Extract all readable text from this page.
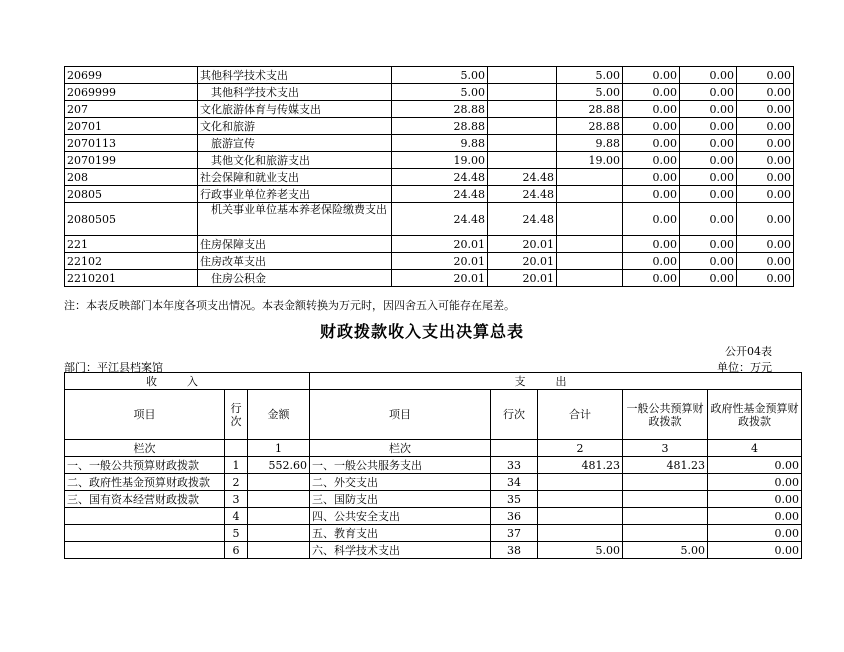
20699	其他科学技术支出	5.00		5.00	0.00	0.00	0.00
2069999	其他科学技术支出	5.00		5.00	0.00	0.00	0.00
207	文化旅游体育与传媒支出	28.88		28.88	0.00	0.00	0.00
20701	文化和旅游	28.88		28.88	0.00	0.00	0.00
2070113	旅游宣传	9.88		9.88	0.00	0.00	0.00
2070199	其他文化和旅游支出	19.00		19.00	0.00	0.00	0.00
208	社会保障和就业支出	24.48	24.48		0.00	0.00	0.00
20805	行政事业单位养老支出	24.48	24.48		0.00	0.00	0.00
2080505	机关事业单位基本养老保险缴费支出	24.48	24.48		0.00	0.00	0.00
221	住房保障支出	20.01	20.01		0.00	0.00	0.00
22102	住房改革支出	20.01	20.01		0.00	0.00	0.00
2210201	住房公积金	20.01	20.01		0.00	0.00	0.00
注：本表反映部门本年度各项支出情况。本表金额转换为万元时，因四舍五入可能存在尾差。
财政拨款收入支出决算总表
公开04表
部门：平江县档案馆	单位：万元
收入			支出				
项目	行次	金额	项目	行次	合计	一般公共预算财政拨款	政府性基金预算财政拨款
栏次		1	栏次		2	3	4
一、一般公共预算财政拨款	1	552.60	一、一般公共服务支出	33	481.23	481.23	0.00
二、政府性基金预算财政拨款	2		二、外交支出	34			0.00
三、国有资本经营财政拨款	3		三、国防支出	35			0.00
	4		四、公共安全支出	36			0.00
	5		五、教育支出	37			0.00
	6		六、科学技术支出	38	5.00	5.00	0.00
